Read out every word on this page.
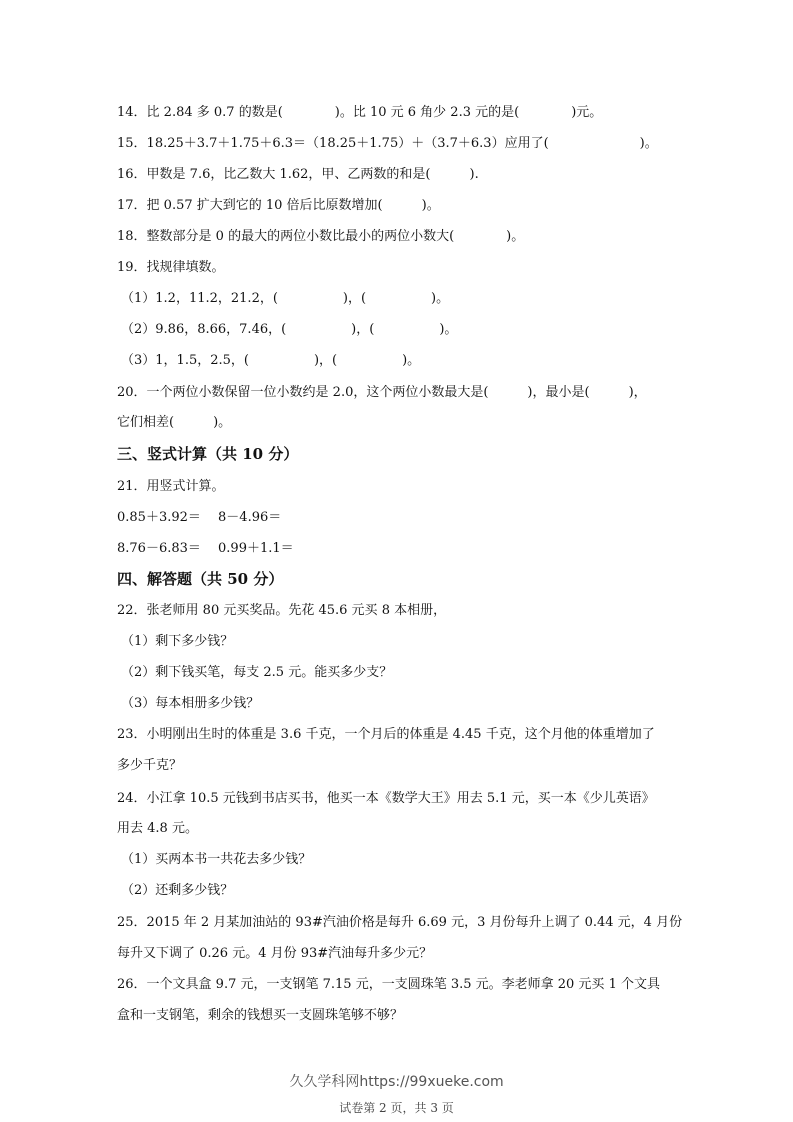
14．比 2.84 多 0.7 的数是(　　　　)。比 10 元 6 角少 2.3 元的是(　　　　)元。
15．18.25＋3.7＋1.75＋6.3＝（18.25＋1.75）＋（3.7＋6.3）应用了(　　　　　　　)。
16．甲数是 7.6，比乙数大 1.62，甲、乙两数的和是(　　　).
17．把 0.57 扩大到它的 10 倍后比原数增加(　　　)。
18．整数部分是 0 的最大的两位小数比最小的两位小数大(　　　　)。
19．找规律填数。
（1）1.2，11.2，21.2，(　　　　　)，(　　　　　)。
（2）9.86，8.66，7.46，(　　　　　)，(　　　　　)。
（3）1，1.5，2.5，(　　　　　)，(　　　　　)。
20．一个两位小数保留一位小数约是 2.0，这个两位小数最大是(　　　)，最小是(　　　)，
它们相差(　　　)。
三、竖式计算（共 10 分）
21．用竖式计算。
0.85＋3.92＝　 8－4.96＝
8.76－6.83＝　 0.99＋1.1＝
四、解答题（共 50 分）
22．张老师用 80 元买奖品。先花 45.6 元买 8 本相册，
（1）剩下多少钱？
（2）剩下钱买笔，每支 2.5 元。能买多少支？
（3）每本相册多少钱？
23．小明刚出生时的体重是 3.6 千克，一个月后的体重是 4.45 千克，这个月他的体重增加了
多少千克？
24．小江拿 10.5 元钱到书店买书，他买一本《数学大王》用去 5.1 元，买一本《少儿英语》
用去 4.8 元。
（1）买两本书一共花去多少钱？
（2）还剩多少钱？
25．2015 年 2 月某加油站的 93#汽油价格是每升 6.69 元，3 月份每升上调了 0.44 元，4 月份
每升又下调了 0.26 元。4 月份 93#汽油每升多少元？
26．一个文具盒 9.7 元，一支钢笔 7.15 元，一支圆珠笔 3.5 元。李老师拿 20 元买 1 个文具
盒和一支钢笔，剩余的钱想买一支圆珠笔够不够？
久久学科网https://99xueke.com
试卷第 2 页，共 3 页
